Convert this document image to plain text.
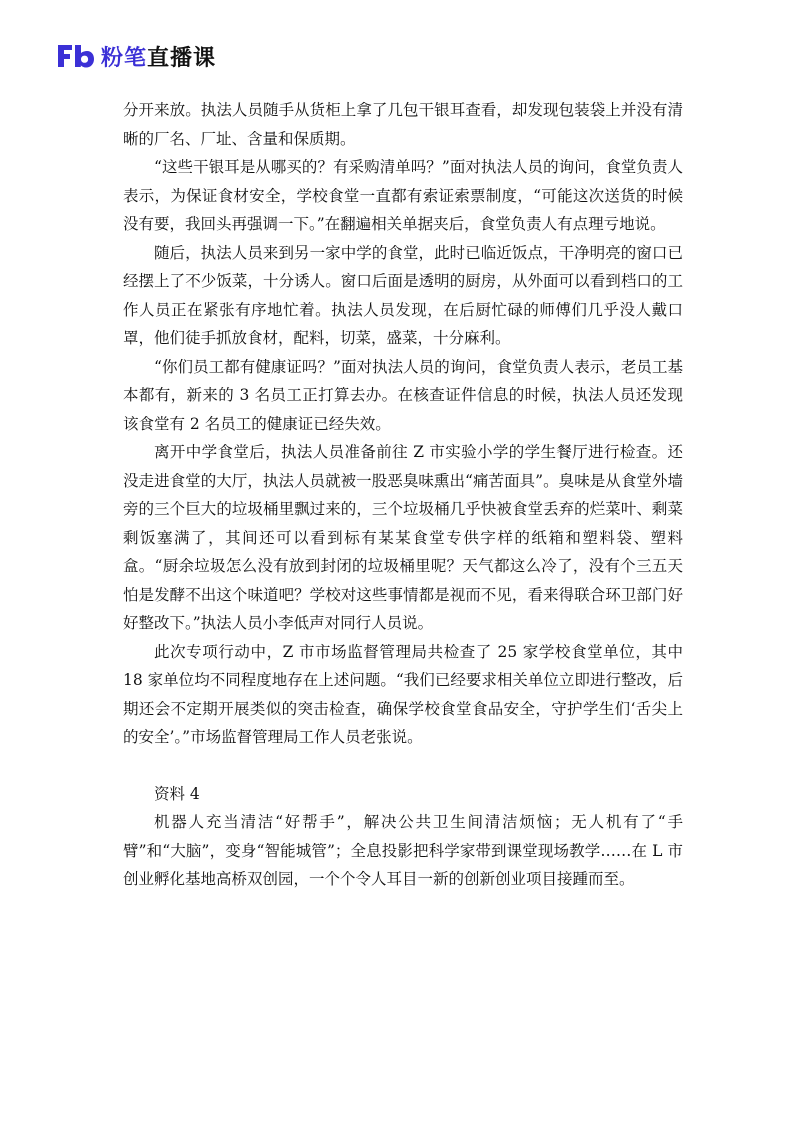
粉笔直播课

分开来放。执法人员随手从货柜上拿了几包干银耳查看，却发现包装袋上并没有清晰的厂名、厂址、含量和保质期。

“这些干银耳是从哪买的？有采购清单吗？”面对执法人员的询问，食堂负责人表示，为保证食材安全，学校食堂一直都有索证索票制度，“可能这次送货的时候没有要，我回头再强调一下。”在翻遍相关单据夹后，食堂负责人有点理亏地说。

随后，执法人员来到另一家中学的食堂，此时已临近饭点，干净明亮的窗口已经摆上了不少饭菜，十分诱人。窗口后面是透明的厨房，从外面可以看到档口的工作人员正在紧张有序地忙着。执法人员发现，在后厨忙碌的师傅们几乎没人戴口罩，他们徒手抓放食材，配料，切菜，盛菜，十分麻利。

“你们员工都有健康证吗？”面对执法人员的询问，食堂负责人表示，老员工基本都有，新来的 3 名员工正打算去办。在核查证件信息的时候，执法人员还发现该食堂有 2 名员工的健康证已经失效。

离开中学食堂后，执法人员准备前往 Z 市实验小学的学生餐厅进行检查。还没走进食堂的大厅，执法人员就被一股恶臭味熏出“痛苦面具”。臭味是从食堂外墙旁的三个巨大的垃圾桶里飘过来的，三个垃圾桶几乎快被食堂丢弃的烂菜叶、剩菜剩饭塞满了，其间还可以看到标有某某食堂专供字样的纸箱和塑料袋、塑料盒。“厨余垃圾怎么没有放到封闭的垃圾桶里呢？天气都这么冷了，没有个三五天怕是发酵不出这个味道吧？学校对这些事情都是视而不见，看来得联合环卫部门好好整改下。”执法人员小李低声对同行人员说。

此次专项行动中，Z 市市场监督管理局共检查了 25 家学校食堂单位，其中 18 家单位均不同程度地存在上述问题。“我们已经要求相关单位立即进行整改，后期还会不定期开展类似的突击检查，确保学校食堂食品安全，守护学生们‘舌尖上的安全’。”市场监督管理局工作人员老张说。

资料 4

机器人充当清洁“好帮手”，解决公共卫生间清洁烦恼；无人机有了“手臂”和“大脑”，变身“智能城管”；全息投影把科学家带到课堂现场教学……在 L 市创业孵化基地高桥双创园，一个个令人耳目一新的创新创业项目接踵而至。
